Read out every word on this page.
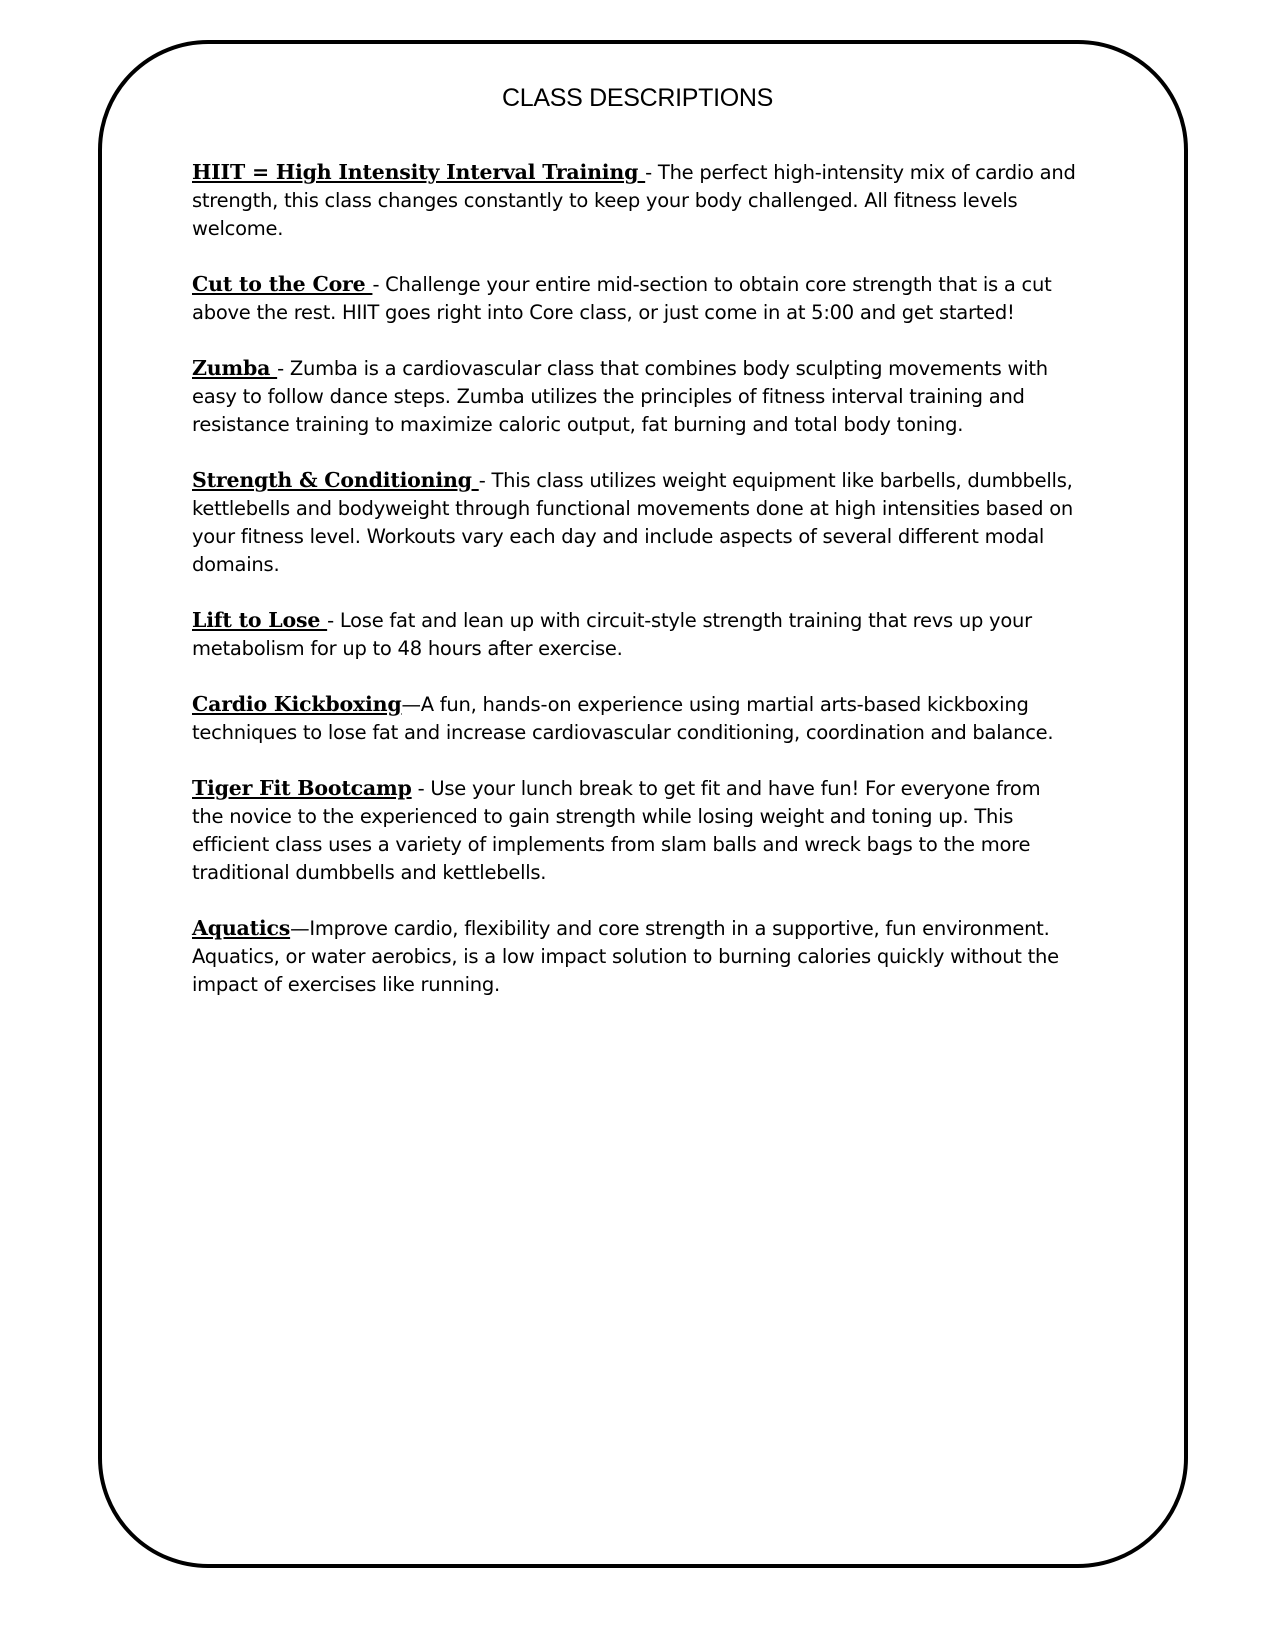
CLASS DESCRIPTIONS

HIIT = High Intensity Interval Training - The perfect high-intensity mix of cardio and strength, this class changes constantly to keep your body challenged. All fitness levels welcome.

Cut to the Core - Challenge your entire mid-section to obtain core strength that is a cut above the rest. HIIT goes right into Core class, or just come in at 5:00 and get started!

Zumba - Zumba is a cardiovascular class that combines body sculpting movements with easy to follow dance steps. Zumba utilizes the principles of fitness interval training and resistance training to maximize caloric output, fat burning and total body toning.

Strength & Conditioning - This class utilizes weight equipment like barbells, dumbbells, kettlebells and bodyweight through functional movements done at high intensities based on your fitness level. Workouts vary each day and include aspects of several different modal domains.

Lift to Lose - Lose fat and lean up with circuit-style strength training that revs up your metabolism for up to 48 hours after exercise.

Cardio Kickboxing—A fun, hands-on experience using martial arts-based kickboxing techniques to lose fat and increase cardiovascular conditioning, coordination and balance.

Tiger Fit Bootcamp - Use your lunch break to get fit and have fun! For everyone from the novice to the experienced to gain strength while losing weight and toning up. This efficient class uses a variety of implements from slam balls and wreck bags to the more traditional dumbbells and kettlebells.

Aquatics—Improve cardio, flexibility and core strength in a supportive, fun environment. Aquatics, or water aerobics, is a low impact solution to burning calories quickly without the impact of exercises like running.
